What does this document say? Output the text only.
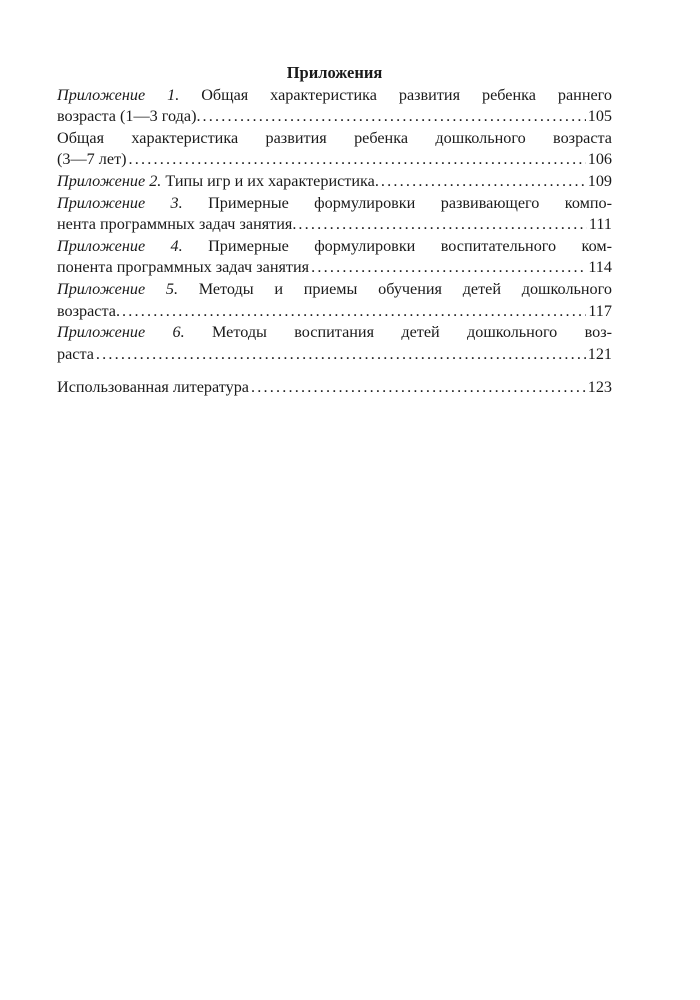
Приложения
Приложение 1. Общая характеристика развития ребенка раннего
возраста (1—3 года). .....	105
Общая характеристика развития ребенка дошкольного возраста
(3—7 лет) .....	106
Приложение 2. Типы игр и их характеристика. .....	109
Приложение 3. Примерные формулировки развивающего компо-
нента программных задач занятия. .....	111
Приложение 4. Примерные формулировки воспитательного ком-
понента программных задач занятия .....	114
Приложение 5. Методы и приемы обучения детей дошкольного
возраста. .....	117
Приложение 6. Методы воспитания детей дошкольного воз-
раста .....	121
Использованная литература .....	123
